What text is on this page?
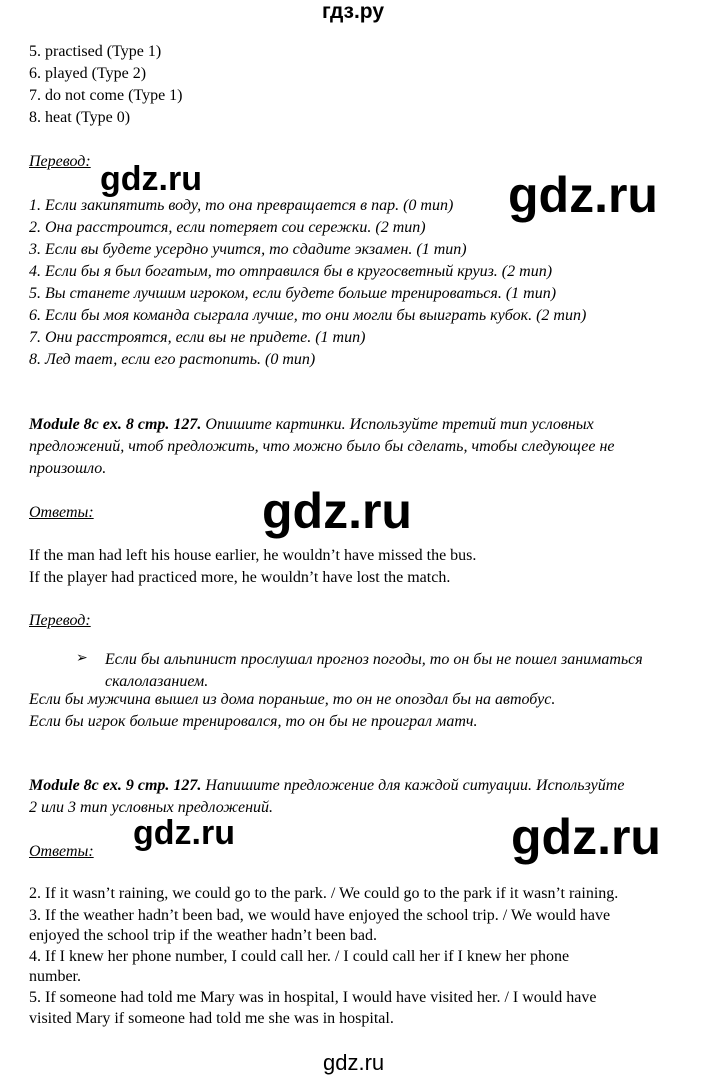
гдз.ру
5. practised (Type 1)
6. played (Type 2)
7. do not come (Type 1)
8. heat (Type 0)
Перевод:
1. Если закипятить воду, то она превращается в пар. (0 тип)
2. Она расстроится, если потеряет сои сережки. (2 тип)
3. Если вы будете усердно учится, то сдадите экзамен. (1 тип)
4. Если бы я был богатым, то отправился бы в кругосветный круиз. (2 тип)
5. Вы станете лучшим игроком, если будете больше тренироваться. (1 тип)
6. Если бы моя команда сыграла лучше, то они могли бы выиграть кубок. (2 тип)
7. Они расстроятся, если вы не придете. (1 тип)
8. Лед тает, если его растопить. (0 тип)
Module 8c ex. 8 стр. 127. Опишите картинки. Используйте третий тип условных
предложений, чтоб предложить, что можно было бы сделать, чтобы следующее не
произошло.
Ответы:
If the man had left his house earlier, he wouldn’t have missed the bus.
If the player had practiced more, he wouldn’t have lost the match.
Перевод:
➢ Если бы альпинист прослушал прогноз погоды, то он бы не пошел заниматься
скалолазанием.
Если бы мужчина вышел из дома пораньше, то он не опоздал бы на автобус.
Если бы игрок больше тренировался, то он бы не проиграл матч.
Module 8c ex. 9 стр. 127. Напишите предложение для каждой ситуации. Используйте
2 или 3 тип условных предложений.
Ответы:
2. If it wasn’t raining, we could go to the park. / We could go to the park if it wasn’t raining.
3. If the weather hadn’t been bad, we would have enjoyed the school trip. / We would have
enjoyed the school trip if the weather hadn’t been bad.
4. If I knew her phone number, I could call her. / I could call her if I knew her phone
number.
5. If someone had told me Mary was in hospital, I would have visited her. / I would have
visited Mary if someone had told me she was in hospital.
gdz.ru	gdz.ru
gdz.ru
gdz.ru	gdz.ru
gdz.ru
